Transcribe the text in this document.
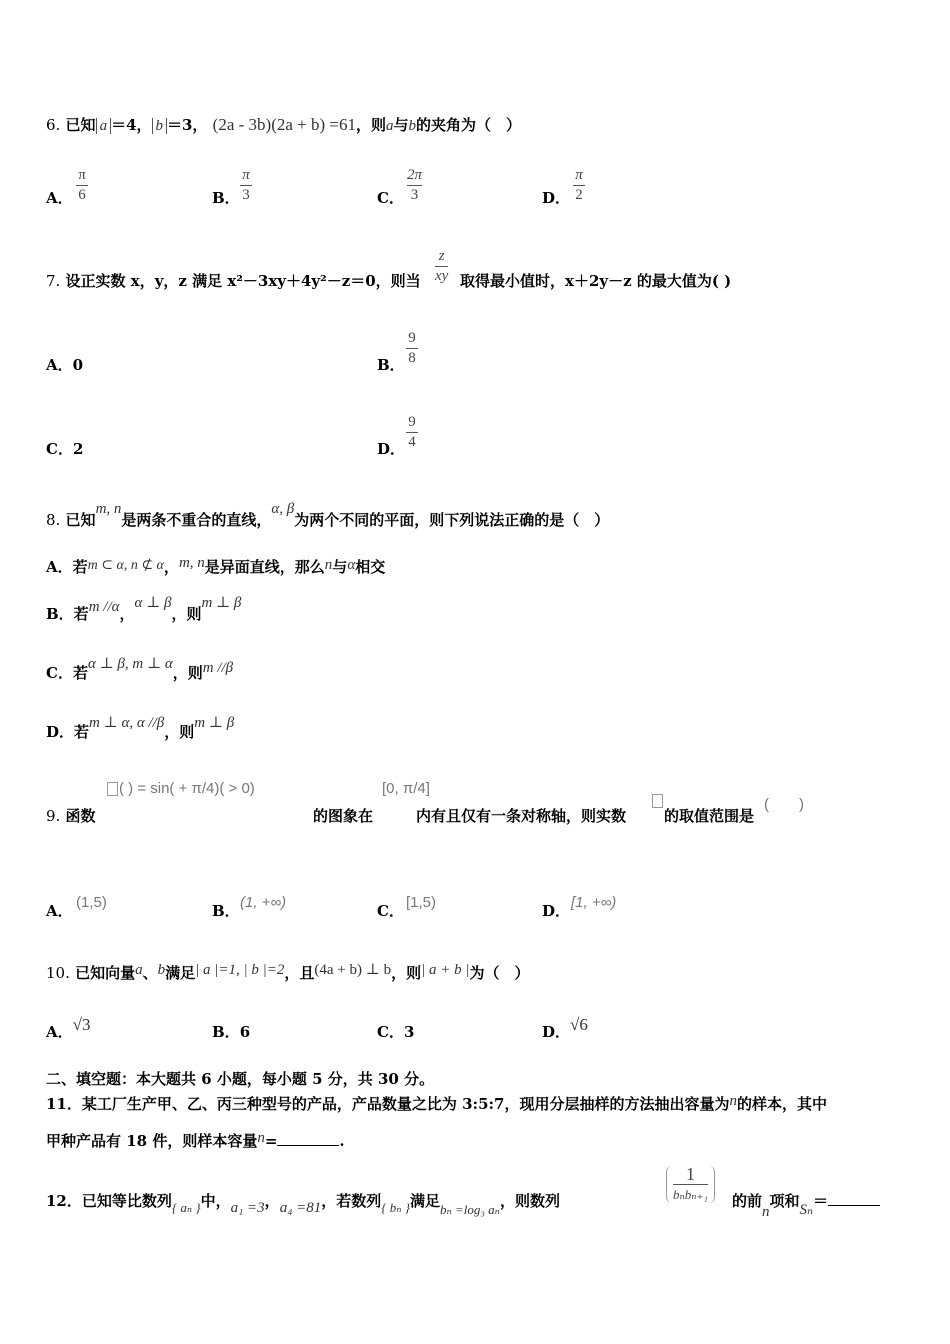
6. 已知 a ＝4， b ＝3， (2a - 3b)(2a + b) =61，则a与b的夹角为（　）
A．
π
6	B．
π
3	C．
2π
3	D．
π
2
7. 设正实数 x，y，z 满足 x²－3xy＋4y²－z＝0，则当
z
xy 取得最小值时，x＋2y－z 的最大值为( )
A．0	B．
9
8
C．2	D．
9
4
8. 已知m, n是两条不重合的直线，α, β为两个不同的平面，则下列说法正确的是（　）
A．若m ⊂ α, n ⊄ α，m, n是异面直线，那么n与α相交
B．若m //α，α ⊥ β，则m ⊥ β
C．若α ⊥ β, m ⊥ α，则m //β
D．若m ⊥ α, α //β，则m ⊥ β
( ) = sin( + π/4)( > 0)	[0, π/4]
9. 函数	的图象在	内有且仅有一条对称轴，则实数	的取值范围是
(　　)
A． (1,5)	B． (1, +∞)	C． [1,5)	D． [1, +∞)
10. 已知向量a、b满足| a |=1, | b |=2，且(4a + b) ⊥ b，则| a + b |为（　）
A．√3	B．6	C．3	D．√6
二、填空题：本大题共 6 小题，每小题 5 分，共 30 分。
11．某工厂生产甲、乙、丙三种型号的产品，产品数量之比为 3:5:7，现用分层抽样的方法抽出容量为n的样本，其中
甲种产品有 18 件，则样本容量n=	.
12．已知等比数列{ aₙ }中，a₁ =3，a₄ =81，若数列{ bₙ }满足bₙ =log₃ aₙ，则数列
1
bₙbₙ₊₁ 的前n项和Sₙ＝
